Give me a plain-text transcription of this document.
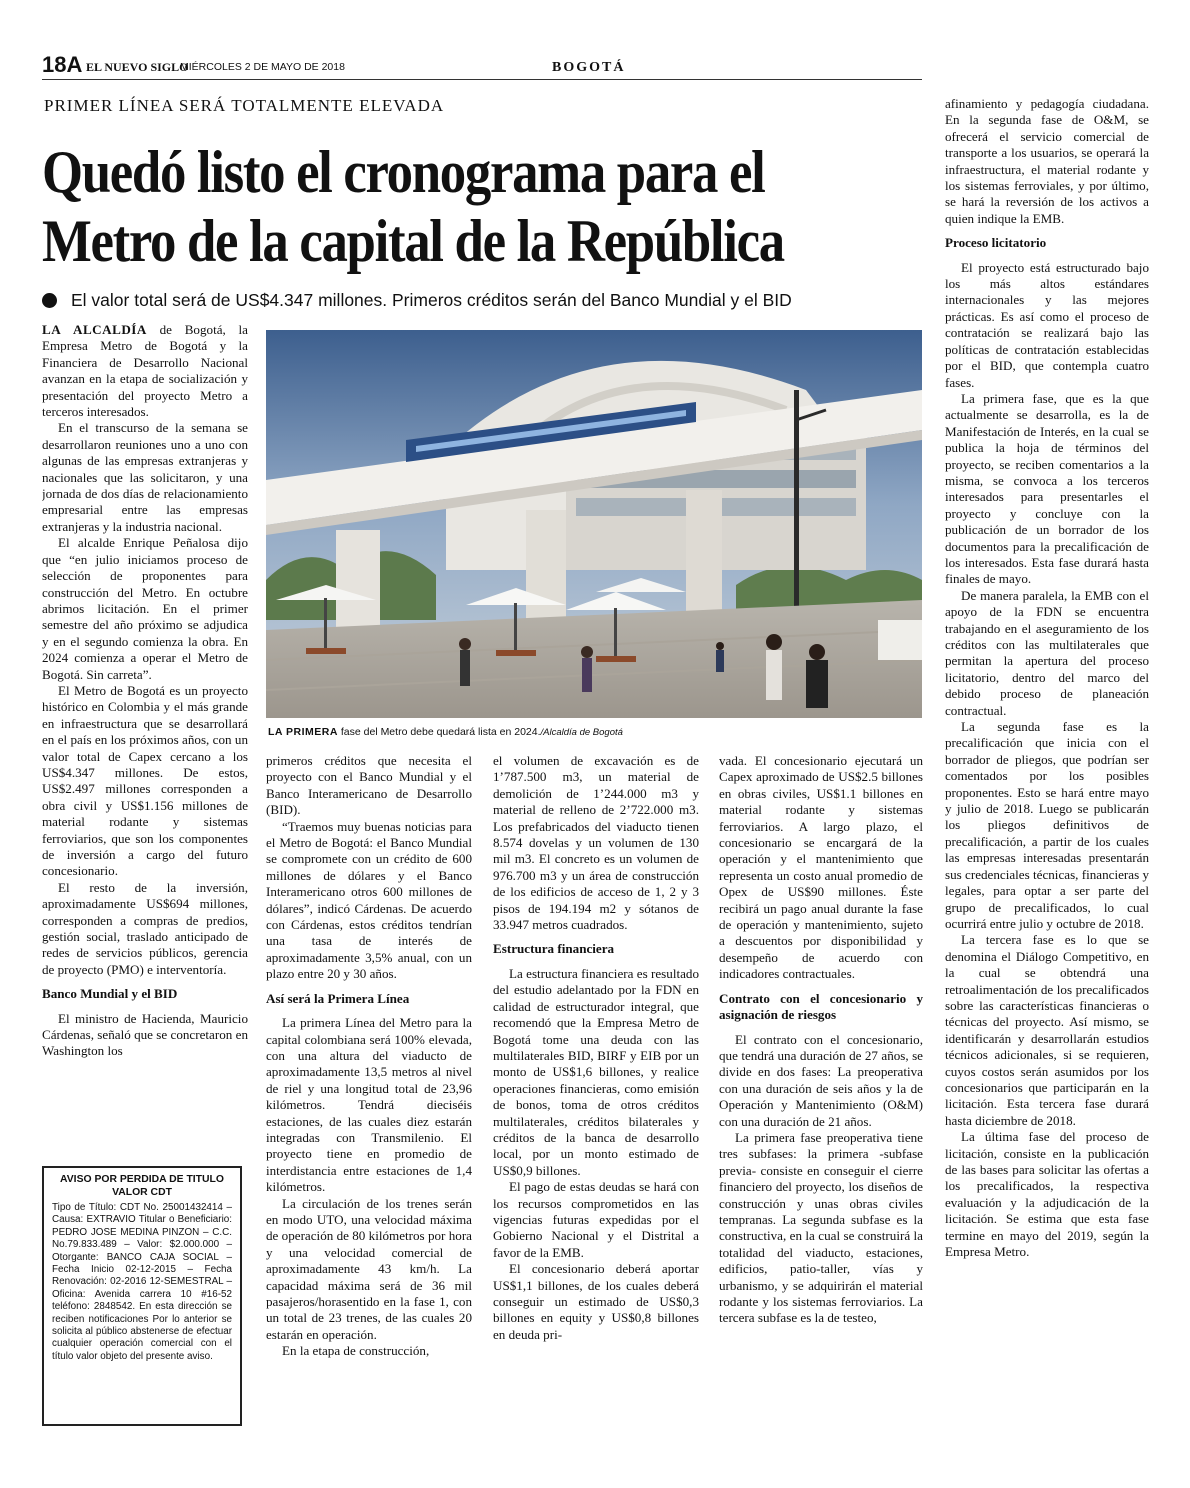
18A EL NUEVO SIGLO
MIÉRCOLES 2 DE MAYO DE 2018	BOGOTÁ
PRIMER LÍNEA SERÁ TOTALMENTE ELEVADA
Quedó listo el cronograma para el
Metro de la capital de la República
El valor total será de US$4.347 millones. Primeros créditos serán del Banco Mundial y el BID

LA ALCALDÍA de Bogotá, la Empresa Metro de Bogotá y la Financiera de Desarrollo Nacional avanzan en la etapa de socialización y presentación del proyecto Metro a terceros interesados.

En el transcurso de la semana se desarrollaron reuniones uno a uno con algunas de las empresas extranjeras y nacionales que las solicitaron, y una jornada de dos días de relacionamiento empresarial entre las empresas extranjeras y la industria nacional.

El alcalde Enrique Peñalosa dijo que “en julio iniciamos proceso de selección de proponentes para construcción del Metro. En octubre abrimos licitación. En el primer semestre del año próximo se adjudica y en el segundo comienza la obra. En 2024 comienza a operar el Metro de Bogotá. Sin carreta”.

El Metro de Bogotá es un proyecto histórico en Colombia y el más grande en infraestructura que se desarrollará en el país en los próximos años, con un valor total de Capex cercano a los US$4.347 millones. De estos, US$2.497 millones corresponden a obra civil y US$1.156 millones de material rodante y sistemas ferroviarios, que son los componentes de inversión a cargo del futuro concesionario.

El resto de la inversión, aproximadamente US$694 millones, corresponden a compras de predios, gestión social, traslado anticipado de redes de servicios públicos, gerencia de proyecto (PMO) e interventoría.

Banco Mundial y el BID

El ministro de Hacienda, Mauricio Cárdenas, señaló que se concretaron en Washington los

AVISO POR PERDIDA DE TITULO VALOR CDT
Tipo de Título: CDT No. 25001432414 – Causa: EXTRAVIO Titular o Beneficiario: PEDRO JOSE MEDINA PINZON – C.C. No.79.833.489 – Valor: $2.000.000 – Otorgante: BANCO CAJA SOCIAL – Fecha Inicio 02-12-2015 – Fecha Renovación: 02-2016 12-SEMESTRAL – Oficina: Avenida carrera 10 #16-52 teléfono: 2848542. En esta dirección se reciben notificaciones Por lo anterior se solicita al público abstenerse de efectuar cualquier operación comercial con el título valor objeto del presente aviso.
LA PRIMERA fase del Metro debe quedará lista en 2024./Alcaldía de Bogotá

primeros créditos que necesita el proyecto con el Banco Mundial y el Banco Interamericano de Desarrollo (BID).

“Traemos muy buenas noticias para el Metro de Bogotá: el Banco Mundial se compromete con un crédito de 600 millones de dólares y el Banco Interamericano otros 600 millones de dólares”, indicó Cárdenas. De acuerdo con Cárdenas, estos créditos tendrían una tasa de interés de aproximadamente 3,5% anual, con un plazo entre 20 y 30 años.

Así será la Primera Línea

La primera Línea del Metro para la capital colombiana será 100% elevada, con una altura del viaducto de aproximadamente 13,5 metros al nivel de riel y una longitud total de 23,96 kilómetros. Tendrá dieciséis estaciones, de las cuales diez estarán integradas con Transmilenio. El proyecto tiene en promedio de interdistancia entre estaciones de 1,4 kilómetros.

La circulación de los trenes serán en modo UTO, una velocidad máxima de operación de 80 kilómetros por hora y una velocidad comercial de aproximadamente 43 km/h. La capacidad máxima será de 36 mil pasajeros/horasentido en la fase 1, con un total de 23 trenes, de las cuales 20 estarán en operación.

En la etapa de construcción,

el volumen de excavación es de 1’787.500 m3, un material de demolición de 1’244.000 m3 y material de relleno de 2’722.000 m3. Los prefabricados del viaducto tienen 8.574 dovelas y un volumen de 130 mil m3. El concreto es un volumen de 976.700 m3 y un área de construcción de los edificios de acceso de 1, 2 y 3 pisos de 194.194 m2 y sótanos de 33.947 metros cuadrados.

Estructura financiera

La estructura financiera es resultado del estudio adelantado por la FDN en calidad de estructurador integral, que recomendó que la Empresa Metro de Bogotá tome una deuda con las multilaterales BID, BIRF y EIB por un monto de US$1,6 billones, y realice operaciones financieras, como emisión de bonos, toma de otros créditos multilaterales, créditos bilaterales y créditos de la banca de desarrollo local, por un monto estimado de US$0,9 billones.

El pago de estas deudas se hará con los recursos comprometidos en las vigencias futuras expedidas por el Gobierno Nacional y el Distrital a favor de la EMB.

El concesionario deberá aportar US$1,1 billones, de los cuales deberá conseguir un estimado de US$0,3 billones en equity y US$0,8 billones en deuda pri-

vada. El concesionario ejecutará un Capex aproximado de US$2.5 billones en obras civiles, US$1.1 billones en material rodante y sistemas ferroviarios. A largo plazo, el concesionario se encargará de la operación y el mantenimiento que representa un costo anual promedio de Opex de US$90 millones. Éste recibirá un pago anual durante la fase de operación y mantenimiento, sujeto a descuentos por disponibilidad y desempeño de acuerdo con indicadores contractuales.

Contrato con el concesionario y asignación de riesgos

El contrato con el concesionario, que tendrá una duración de 27 años, se divide en dos fases: La preoperativa con una duración de seis años y la de Operación y Mantenimiento (O&M) con una duración de 21 años.

La primera fase preoperativa tiene tres subfases: la primera -subfase previa- consiste en conseguir el cierre financiero del proyecto, los diseños de construcción y unas obras civiles tempranas. La segunda subfase es la constructiva, en la cual se construirá la totalidad del viaducto, estaciones, edificios, patio-taller, vías y urbanismo, y se adquirirán el material rodante y los sistemas ferroviarios. La tercera subfase es la de testeo,

afinamiento y pedagogía ciudadana. En la segunda fase de O&M, se ofrecerá el servicio comercial de transporte a los usuarios, se operará la infraestructura, el material rodante y los sistemas ferroviales, y por último, se hará la reversión de los activos a quien indique la EMB.

Proceso licitatorio

El proyecto está estructurado bajo los más altos estándares internacionales y las mejores prácticas. Es así como el proceso de contratación se realizará bajo las políticas de contratación establecidas por el BID, que contempla cuatro fases.

La primera fase, que es la que actualmente se desarrolla, es la de Manifestación de Interés, en la cual se publica la hoja de términos del proyecto, se reciben comentarios a la misma, se convoca a los terceros interesados para presentarles el proyecto y concluye con la publicación de un borrador de los documentos para la precalificación de los interesados. Esta fase durará hasta finales de mayo.

De manera paralela, la EMB con el apoyo de la FDN se encuentra trabajando en el aseguramiento de los créditos con las multilaterales que permitan la apertura del proceso licitatorio, dentro del marco del debido proceso de planeación contractual.

La segunda fase es la precalificación que inicia con el borrador de pliegos, que podrían ser comentados por los posibles proponentes. Esto se hará entre mayo y julio de 2018. Luego se publicarán los pliegos definitivos de precalificación, a partir de los cuales las empresas interesadas presentarán sus credenciales técnicas, financieras y legales, para optar a ser parte del grupo de precalificados, lo cual ocurrirá entre julio y octubre de 2018.

La tercera fase es lo que se denomina el Diálogo Competitivo, en la cual se obtendrá una retroalimentación de los precalificados sobre las características financieras o técnicas del proyecto. Así mismo, se identificarán y desarrollarán estudios técnicos adicionales, si se requieren, cuyos costos serán asumidos por los concesionarios que participarán en la licitación. Esta tercera fase durará hasta diciembre de 2018.

La última fase del proceso de licitación, consiste en la publicación de las bases para solicitar las ofertas a los precalificados, la respectiva evaluación y la adjudicación de la licitación. Se estima que esta fase termine en mayo del 2019, según la Empresa Metro.
